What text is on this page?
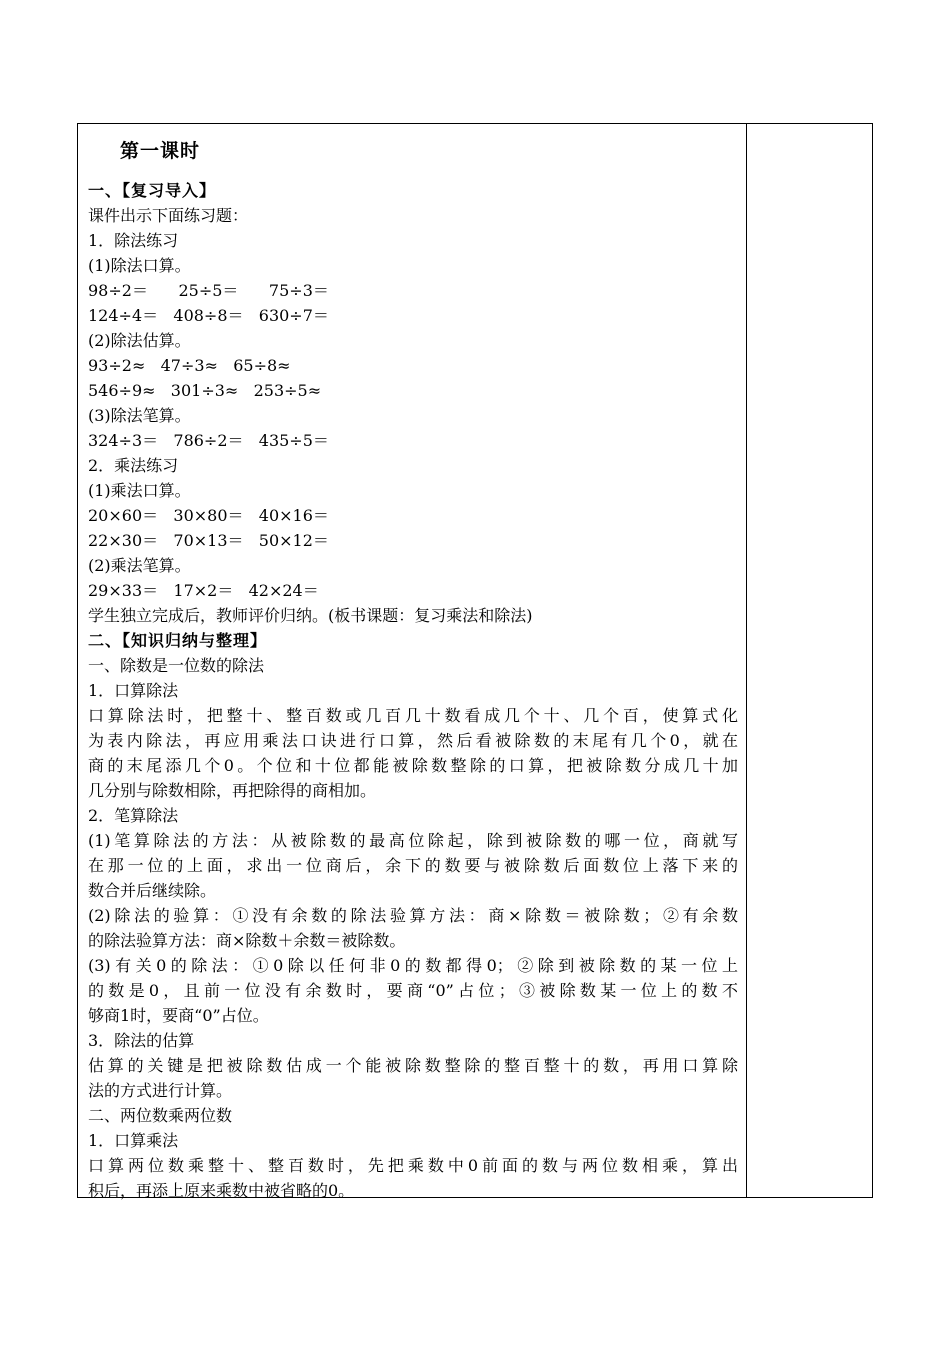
第一课时
一、【复习导入】
课件出示下面练习题：
1．除法练习
(1)除法口算。
98÷2＝      25÷5＝      75÷3＝
124÷4＝   408÷8＝   630÷7＝
(2)除法估算。
93÷2≈   47÷3≈   65÷8≈
546÷9≈   301÷3≈   253÷5≈
(3)除法笔算。
324÷3＝   786÷2＝   435÷5＝
2．乘法练习
(1)乘法口算。
20×60＝   30×80＝   40×16＝
22×30＝   70×13＝   50×12＝
(2)乘法笔算。
29×33＝   17×2＝   42×24＝
学生独立完成后，教师评价归纳。(板书课题：复习乘法和除法)
二、【知识归纳与整理】
一、除数是一位数的除法
1．口算除法
口算除法时，把整十、整百数或几百几十数看成几个十、几个百，使算式化
为表内除法，再应用乘法口诀进行口算，然后看被除数的末尾有几个0，就在
商的末尾添几个0。个位和十位都能被除数整除的口算，把被除数分成几十加
几分别与除数相除，再把除得的商相加。
2．笔算除法
(1)笔算除法的方法：从被除数的最高位除起，除到被除数的哪一位，商就写
在那一位的上面，求出一位商后，余下的数要与被除数后面数位上落下来的
数合并后继续除。
(2)除法的验算：①没有余数的除法验算方法：商×除数＝被除数；②有余数
的除法验算方法：商×除数＋余数＝被除数。
(3)有关0的除法：①0除以任何非0的数都得0；②除到被除数的某一位上
的数是0，且前一位没有余数时，要商“0”占位；③被除数某一位上的数不
够商1时，要商“0”占位。
3．除法的估算
估算的关键是把被除数估成一个能被除数整除的整百整十的数，再用口算除
法的方式进行计算。
二、两位数乘两位数
1．口算乘法
口算两位数乘整十、整百数时，先把乘数中0前面的数与两位数相乘，算出
积后，再添上原来乘数中被省略的0。
